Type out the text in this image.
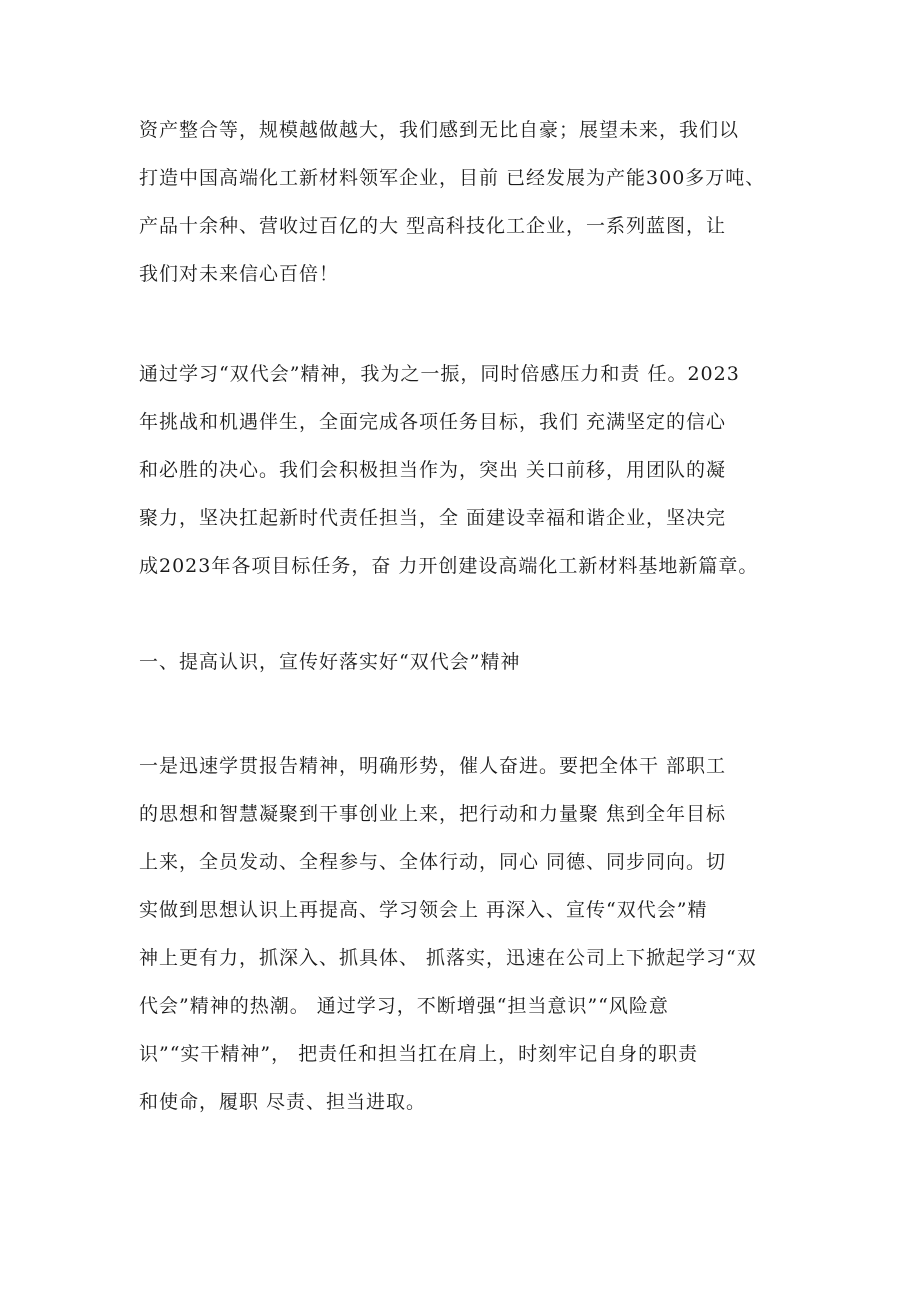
资产整合等，规模越做越大，我们感到无比自豪；展望未来，我们以
打造中国高端化工新材料领军企业，目前 已经发展为产能300多万吨、
产品十余种、营收过百亿的大 型高科技化工企业，一系列蓝图，让
我们对未来信心百倍！

通过学习“双代会”精神，我为之一振，同时倍感压力和责 任。2023
年挑战和机遇伴生，全面完成各项任务目标，我们 充满坚定的信心
和必胜的决心。我们会积极担当作为，突出 关口前移，用团队的凝
聚力，坚决扛起新时代责任担当，全 面建设幸福和谐企业，坚决完
成2023年各项目标任务，奋 力开创建设高端化工新材料基地新篇章。

一、提高认识，宣传好落实好“双代会”精神

一是迅速学贯报告精神，明确形势，催人奋进。要把全体干 部职工
的思想和智慧凝聚到干事创业上来，把行动和力量聚 焦到全年目标
上来，全员发动、全程参与、全体行动，同心 同德、同步同向。切
实做到思想认识上再提高、学习领会上 再深入、宣传“双代会”精
神上更有力，抓深入、抓具体、 抓落实，迅速在公司上下掀起学习“双
代会”精神的热潮。 通过学习，不断增强“担当意识”“风险意
识”“实干精神”， 把责任和担当扛在肩上，时刻牢记自身的职责
和使命，履职 尽责、担当进取。
